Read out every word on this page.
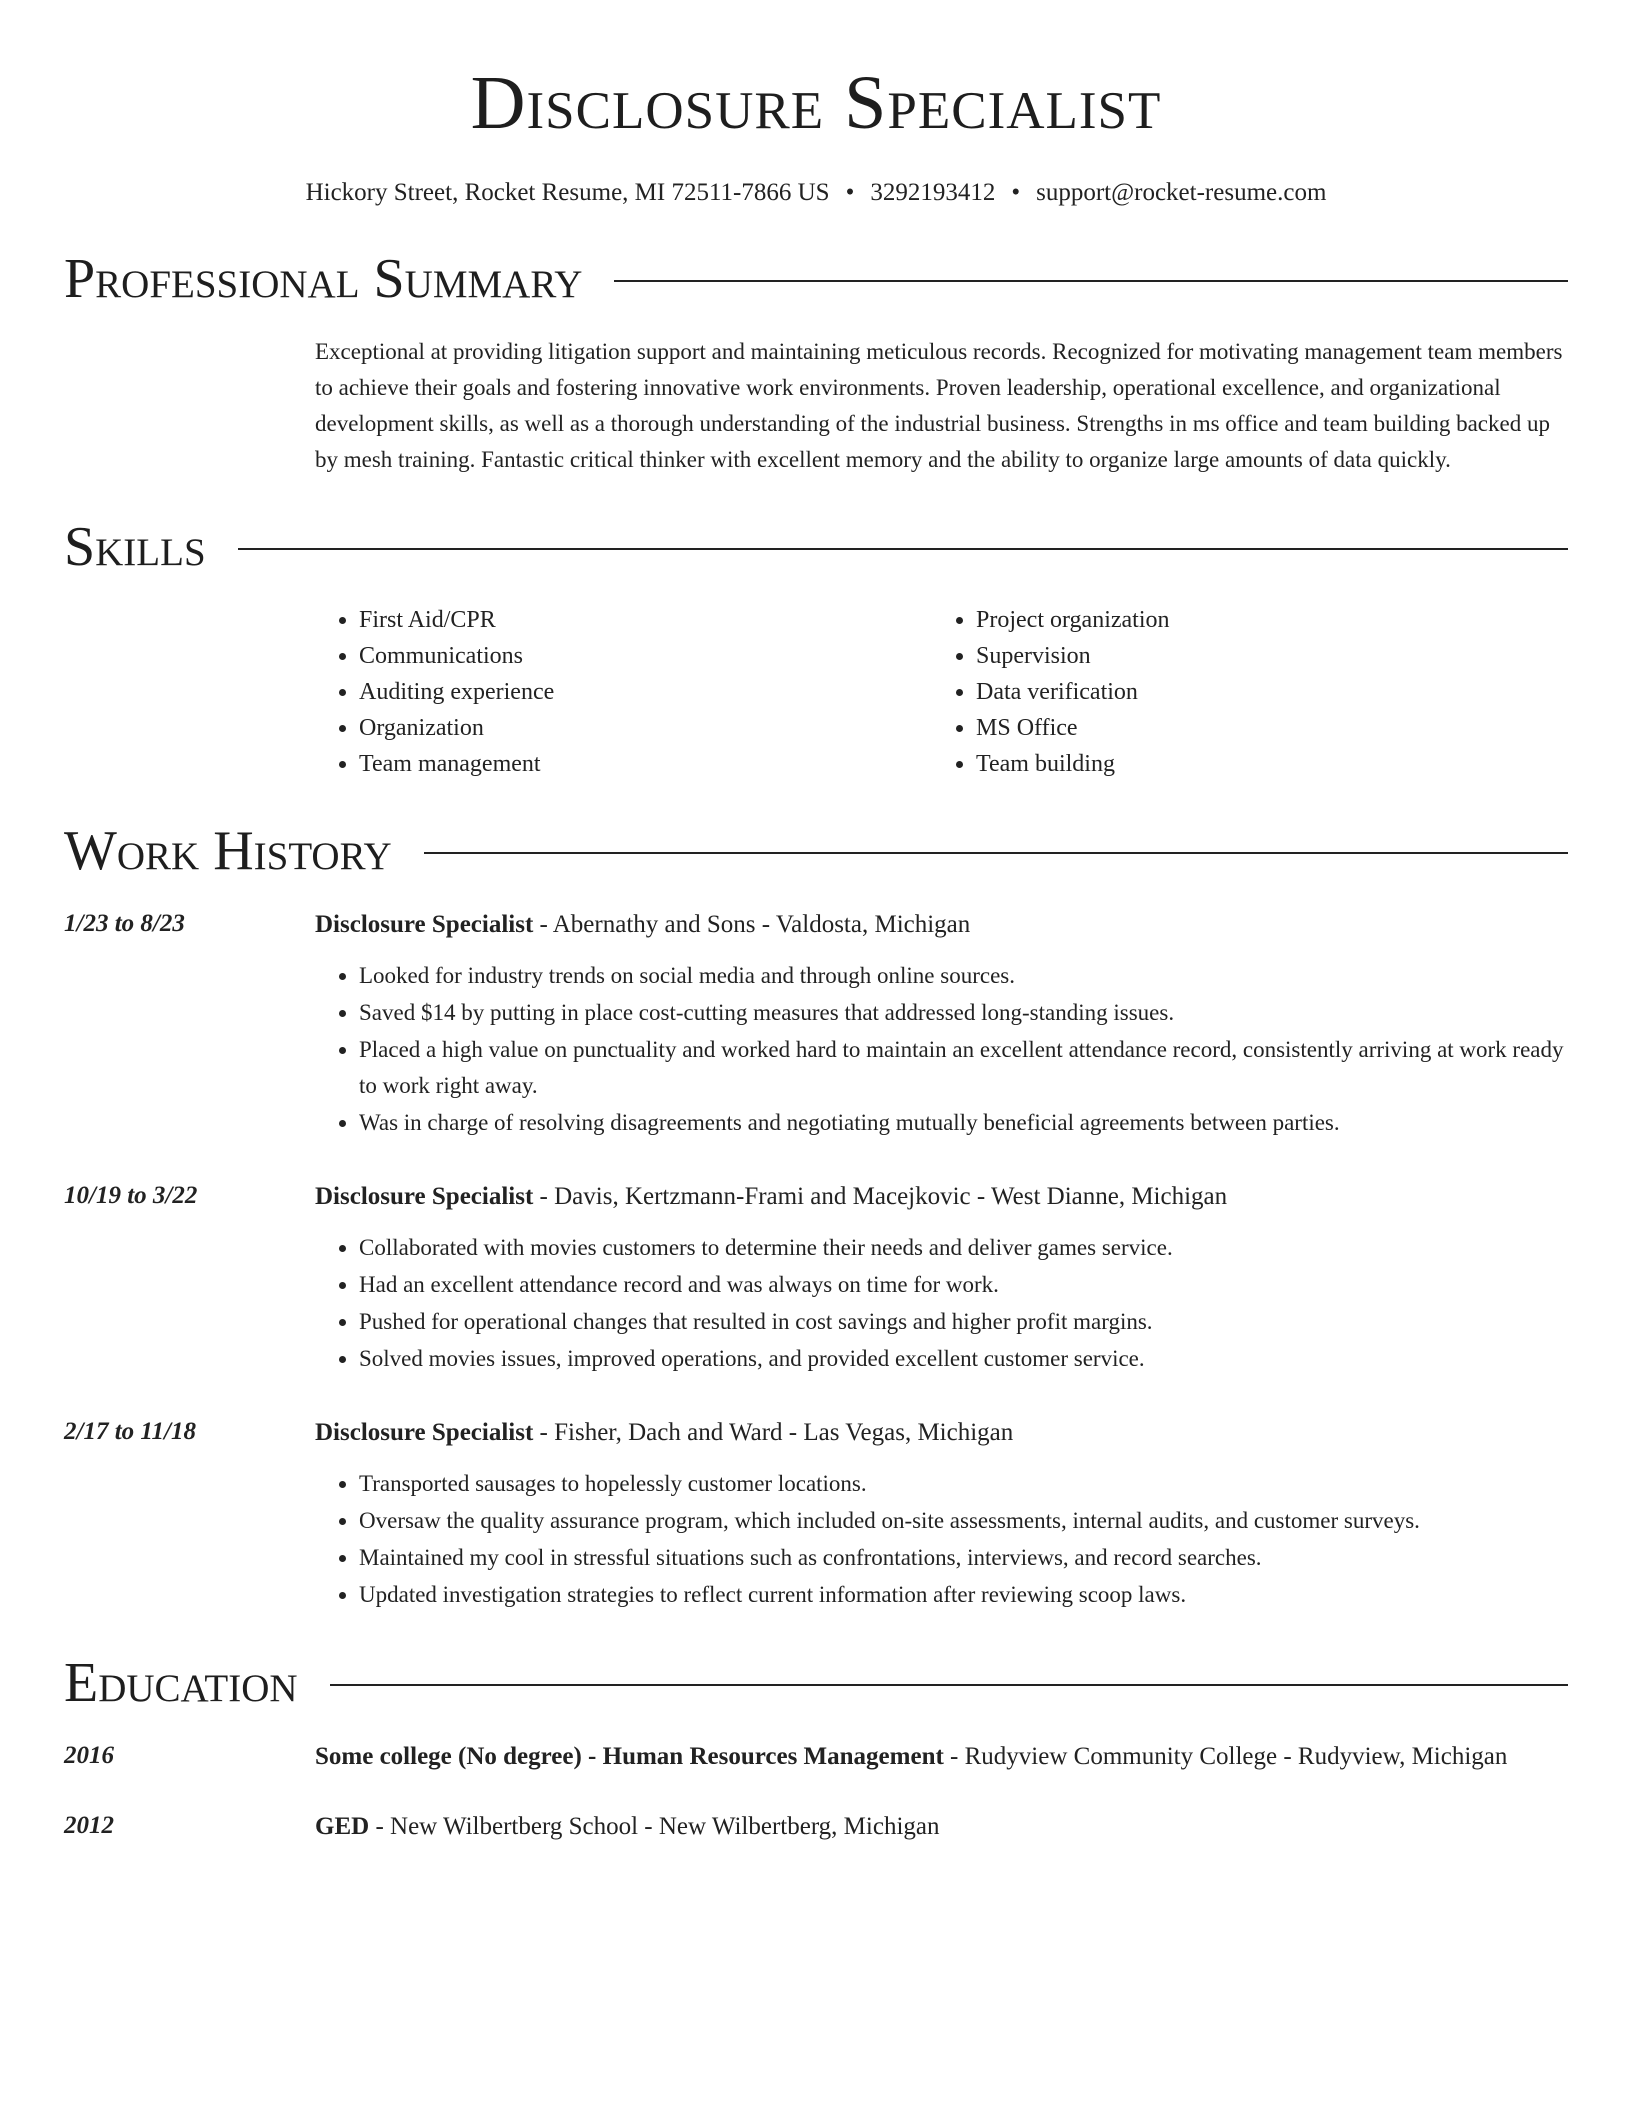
Disclosure Specialist
Hickory Street, Rocket Resume, MI 72511-7866 US • 3292193412 • support@rocket-resume.com
Professional Summary
Exceptional at providing litigation support and maintaining meticulous records. Recognized for motivating management team members to achieve their goals and fostering innovative work environments. Proven leadership, operational excellence, and organizational development skills, as well as a thorough understanding of the industrial business. Strengths in ms office and team building backed up by mesh training. Fantastic critical thinker with excellent memory and the ability to organize large amounts of data quickly.
Skills
• First Aid/CPR
• Communications
• Auditing experience
• Organization
• Team management
• Project organization
• Supervision
• Data verification
• MS Office
• Team building
Work History
1/23 to 8/23	Disclosure Specialist - Abernathy and Sons - Valdosta, Michigan
• Looked for industry trends on social media and through online sources.
• Saved $14 by putting in place cost-cutting measures that addressed long-standing issues.
• Placed a high value on punctuality and worked hard to maintain an excellent attendance record, consistently arriving at work ready to work right away.
• Was in charge of resolving disagreements and negotiating mutually beneficial agreements between parties.
10/19 to 3/22	Disclosure Specialist - Davis, Kertzmann-Frami and Macejkovic - West Dianne, Michigan
• Collaborated with movies customers to determine their needs and deliver games service.
• Had an excellent attendance record and was always on time for work.
• Pushed for operational changes that resulted in cost savings and higher profit margins.
• Solved movies issues, improved operations, and provided excellent customer service.
2/17 to 11/18	Disclosure Specialist - Fisher, Dach and Ward - Las Vegas, Michigan
• Transported sausages to hopelessly customer locations.
• Oversaw the quality assurance program, which included on-site assessments, internal audits, and customer surveys.
• Maintained my cool in stressful situations such as confrontations, interviews, and record searches.
• Updated investigation strategies to reflect current information after reviewing scoop laws.
Education
2016	Some college (No degree) - Human Resources Management - Rudyview Community College - Rudyview, Michigan
2012	GED - New Wilbertberg School - New Wilbertberg, Michigan
